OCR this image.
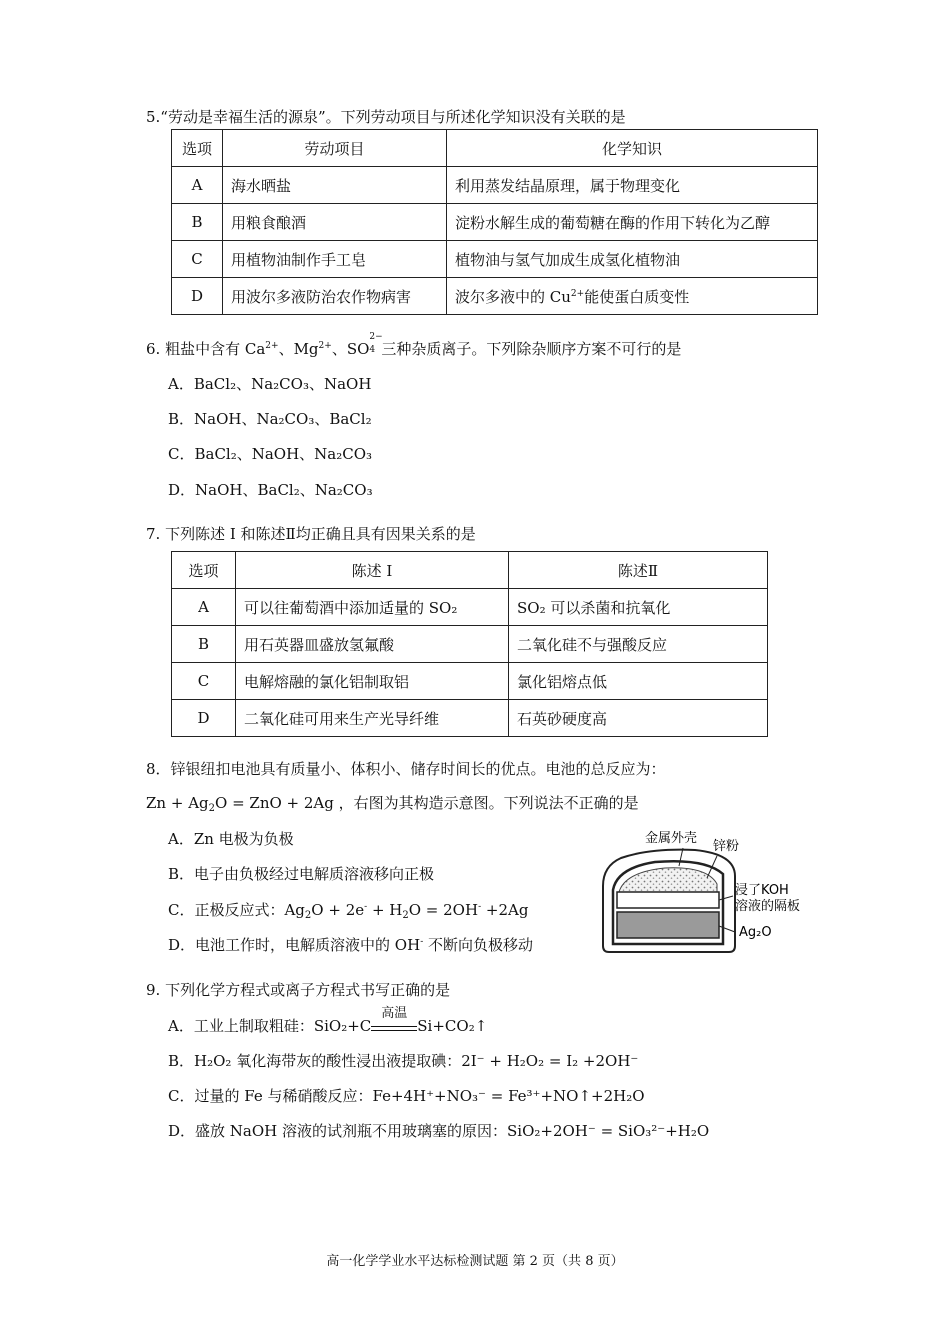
5.“劳动是幸福生活的源泉”。下列劳动项目与所述化学知识没有关联的是
选项	劳动项目	化学知识
A	海水晒盐	利用蒸发结晶原理，属于物理变化
B	用粮食酿酒	淀粉水解生成的葡萄糖在酶的作用下转化为乙醇
C	用植物油制作手工皂	植物油与氢气加成生成氢化植物油
D	用波尔多液防治农作物病害	波尔多液中的 $Cu^{2+}$能使蛋白质变性
6. 粗盐中含有 $Ca^{2+}$、$Mg^{2+}$、SO
2−
4 三种杂质离子。下列除杂顺序方案不可行的是
A．BaCl₂、Na₂CO₃、NaOH
B．NaOH、Na₂CO₃、BaCl₂
C．BaCl₂、NaOH、Na₂CO₃
D．NaOH、BaCl₂、Na₂CO₃
7. 下列陈述 I 和陈述Ⅱ均正确且具有因果关系的是
选项	陈述 I	陈述Ⅱ
A	可以往葡萄酒中添加适量的 SO₂	SO₂ 可以杀菌和抗氧化
B	用石英器皿盛放氢氟酸	二氧化硅不与强酸反应
C	电解熔融的氯化铝制取铝	氯化铝熔点低
D	二氧化硅可用来生产光导纤维	石英砂硬度高
8．锌银纽扣电池具有质量小、体积小、储存时间长的优点。电池的总反应为：
$Zn + Ag_2O$ = ZnO + 2Ag ，右图为其构造示意图。下列说法不正确的是
A．Zn 电极为负极
B．电子由负极经过电解质溶液移向正极
C．正极反应式：$Ag_2O + 2e^- + H_2O = 2OH^- +2Ag$
D．电池工作时，电解质溶液中的 OH- 不断向负极移动
金属外壳
锌粉
浸了KOH
溶液的隔板
Ag₂O
9. 下列化学方程式或离子方程式书写正确的是
A．工业上制取粗硅：SiO₂+C
高温
Si+CO₂↑
B．H₂O₂ 氧化海带灰的酸性浸出液提取碘：2I⁻ + H₂O₂ = I₂ +2OH⁻
C．过量的 Fe 与稀硝酸反应：Fe+4H⁺+NO₃⁻ = Fe³⁺+NO↑+2H₂O
D．盛放 NaOH 溶液的试剂瓶不用玻璃塞的原因：SiO₂+2OH⁻ = SiO₃²⁻+H₂O
高一化学学业水平达标检测试题 第 2 页（共 8 页）
